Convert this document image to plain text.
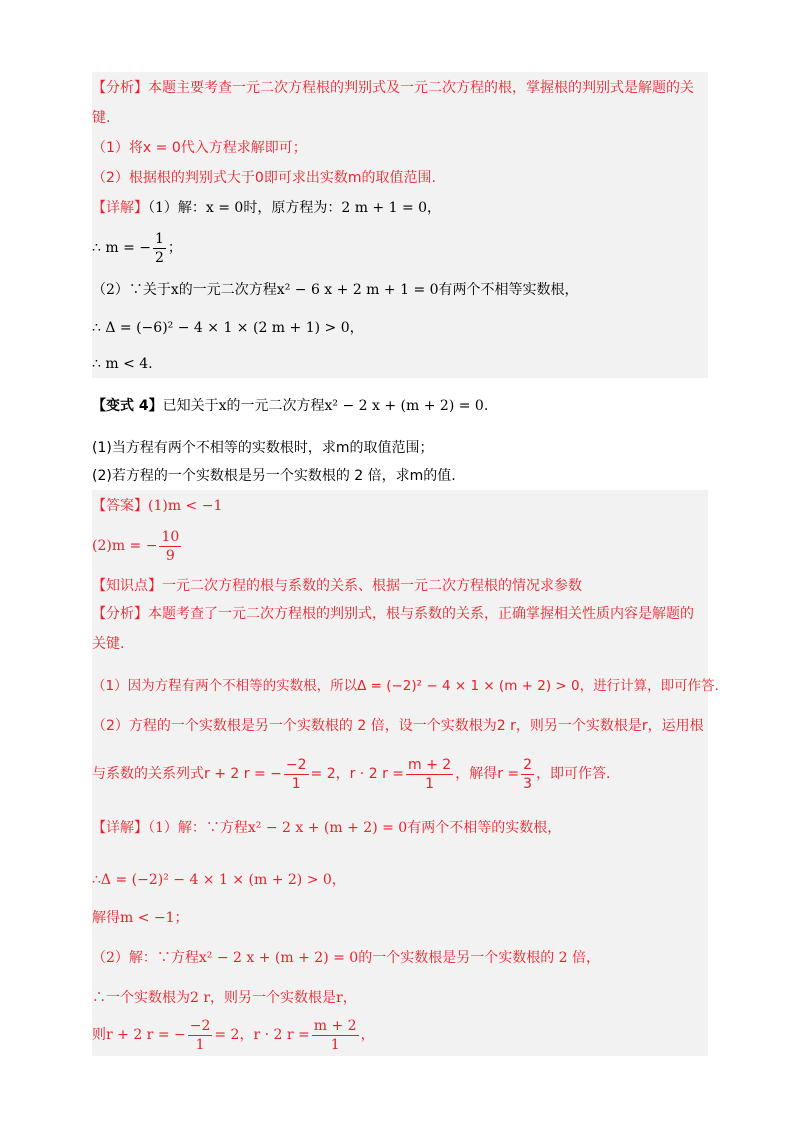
【分析】本题主要考查一元二次方程根的判别式及一元二次方程的根，掌握根的判别式是解题的关
键.
（1）将x = 0代入方程求解即可；
（2）根据根的判别式大于0即可求出实数m的取值范围.
【详解】（1）解：x = 0时，原方程为：2 m + 1 = 0，
∴ m = − $\frac{1}{2}$ ；
（2）∵关于x的一元二次方程x² − 6 x + 2 m + 1 = 0有两个不相等实数根，
∴ Δ = (−6)² − 4 × 1 × (2 m + 1) > 0，
∴ m < 4.
【变式 4】已知关于x的一元二次方程x² − 2 x + (m + 2) = 0.
(1)当方程有两个不相等的实数根时，求m的取值范围；
(2)若方程的一个实数根是另一个实数根的 2 倍，求m的值.
【答案】(1)m < −1
(2)m = − $\frac{10}{9}$
【知识点】一元二次方程的根与系数的关系、根据一元二次方程根的情况求参数
【分析】本题考查了一元二次方程根的判别式，根与系数的关系，正确掌握相关性质内容是解题的
关键.
（1）因为方程有两个不相等的实数根，所以Δ = (−2)² − 4 × 1 × (m + 2) > 0，进行计算，即可作答.
（2）方程的一个实数根是另一个实数根的 2 倍，设一个实数根为2 r，则另一个实数根是r，运用根
与系数的关系列式r + 2 r = − $\frac{-2}{1} = 2$，r · 2 $r = \frac{m + 2}{1}$ ，解得$r = \frac{2}{3}$ ，即可作答.
【详解】（1）解：∵方程x² − 2 x + (m + 2) = 0有两个不相等的实数根，
∴Δ = (−2)² − 4 × 1 × (m + 2) > 0，
解得m < −1；
（2）解：∵方程x² − 2 x + (m + 2) = 0的一个实数根是另一个实数根的 2 倍，
∴一个实数根为2 r，则另一个实数根是r，
则r + 2 r = − $\frac{-2}{1} = 2$，r · 2 $r = \frac{m + 2}{1}$ ，
